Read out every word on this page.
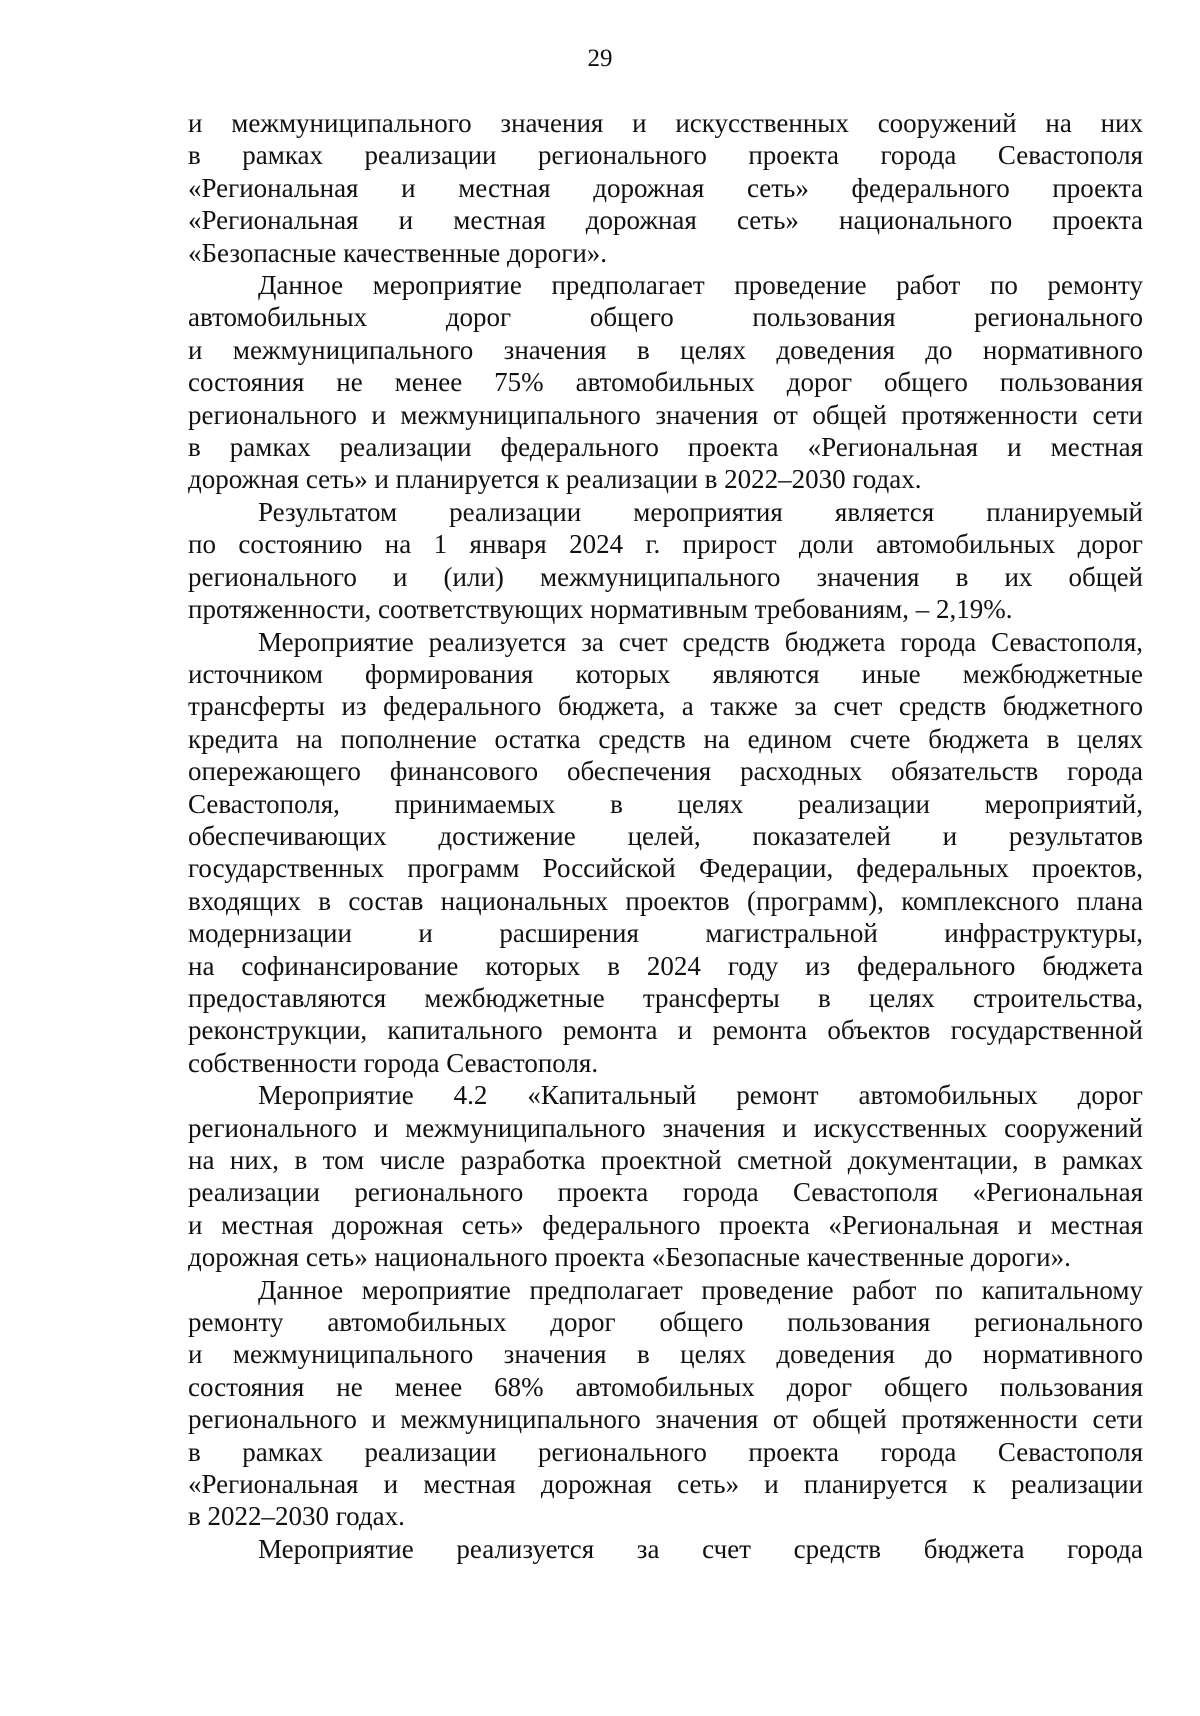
29
и межмуниципального значения и искусственных сооружений на них
в рамках реализации регионального проекта города Севастополя
«Региональная и местная дорожная сеть» федерального проекта
«Региональная и местная дорожная сеть» национального проекта
«Безопасные качественные дороги».
Данное мероприятие предполагает проведение работ по ремонту
автомобильных дорог общего пользования регионального
и межмуниципального значения в целях доведения до нормативного
состояния не менее 75% автомобильных дорог общего пользования
регионального и межмуниципального значения от общей протяженности сети
в рамках реализации федерального проекта «Региональная и местная
дорожная сеть» и планируется к реализации в 2022–2030 годах.
Результатом реализации мероприятия является планируемый
по состоянию на 1 января 2024 г. прирост доли автомобильных дорог
регионального и (или) межмуниципального значения в их общей
протяженности, соответствующих нормативным требованиям, – 2,19%.
Мероприятие реализуется за счет средств бюджета города Севастополя,
источником формирования которых являются иные межбюджетные
трансферты из федерального бюджета, а также за счет средств бюджетного
кредита на пополнение остатка средств на едином счете бюджета в целях
опережающего финансового обеспечения расходных обязательств города
Севастополя, принимаемых в целях реализации мероприятий,
обеспечивающих достижение целей, показателей и результатов
государственных программ Российской Федерации, федеральных проектов,
входящих в состав национальных проектов (программ), комплексного плана
модернизации и расширения магистральной инфраструктуры,
на софинансирование которых в 2024 году из федерального бюджета
предоставляются межбюджетные трансферты в целях строительства,
реконструкции, капитального ремонта и ремонта объектов государственной
собственности города Севастополя.
Мероприятие 4.2 «Капитальный ремонт автомобильных дорог
регионального и межмуниципального значения и искусственных сооружений
на них, в том числе разработка проектной сметной документации, в рамках
реализации регионального проекта города Севастополя «Региональная
и местная дорожная сеть» федерального проекта «Региональная и местная
дорожная сеть» национального проекта «Безопасные качественные дороги».
Данное мероприятие предполагает проведение работ по капитальному
ремонту автомобильных дорог общего пользования регионального
и межмуниципального значения в целях доведения до нормативного
состояния не менее 68% автомобильных дорог общего пользования
регионального и межмуниципального значения от общей протяженности сети
в рамках реализации регионального проекта города Севастополя
«Региональная и местная дорожная сеть» и планируется к реализации
в 2022–2030 годах.
Мероприятие реализуется за счет средств бюджета города
